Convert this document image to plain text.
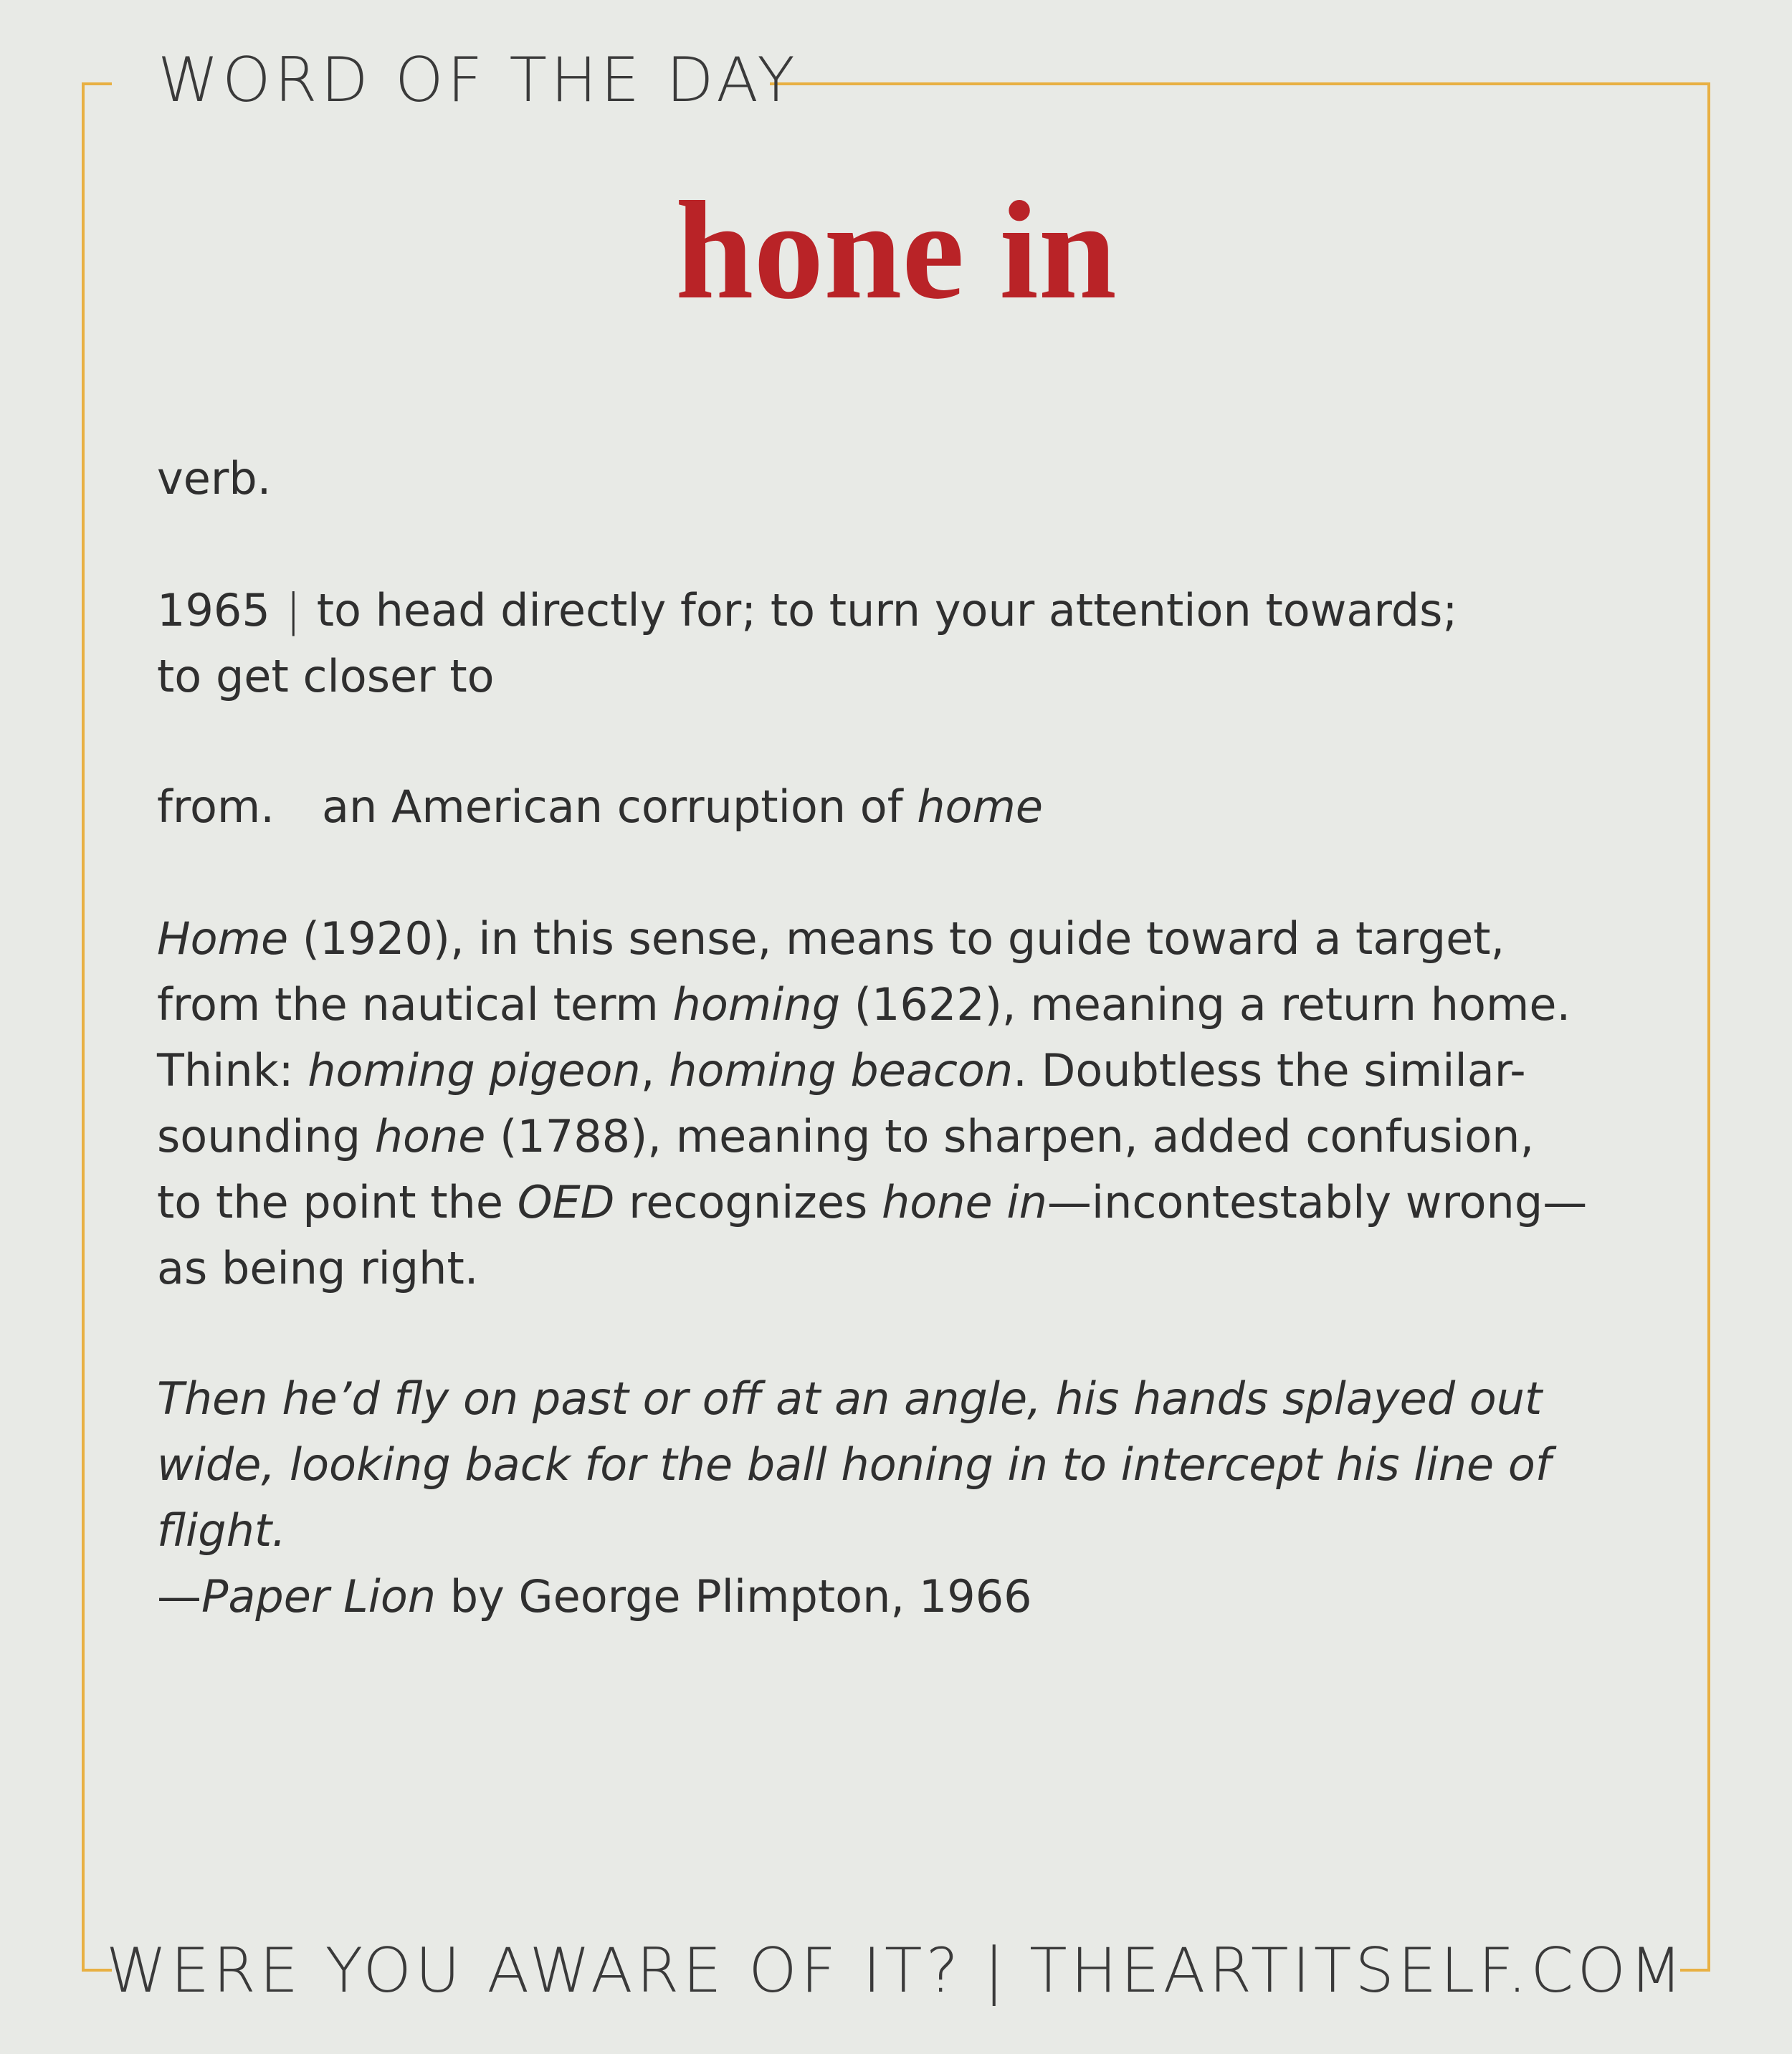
WORD OF THE DAY
hone in
verb.
1965 | to head directly for; to turn your attention towards;
to get closer to
from. an American corruption of home
Home (1920), in this sense, means to guide toward a target,
from the nautical term homing (1622), meaning a return home.
Think: homing pigeon, homing beacon. Doubtless the similar-
sounding hone (1788), meaning to sharpen, added confusion,
to the point the OED recognizes hone in—incontestably wrong—
as being right.
Then he’d fly on past or off at an angle, his hands splayed out
wide, looking back for the ball honing in to intercept his line of
flight.
—Paper Lion by George Plimpton, 1966
WERE YOU AWARE OF IT? | THEARTITSELF.COM
